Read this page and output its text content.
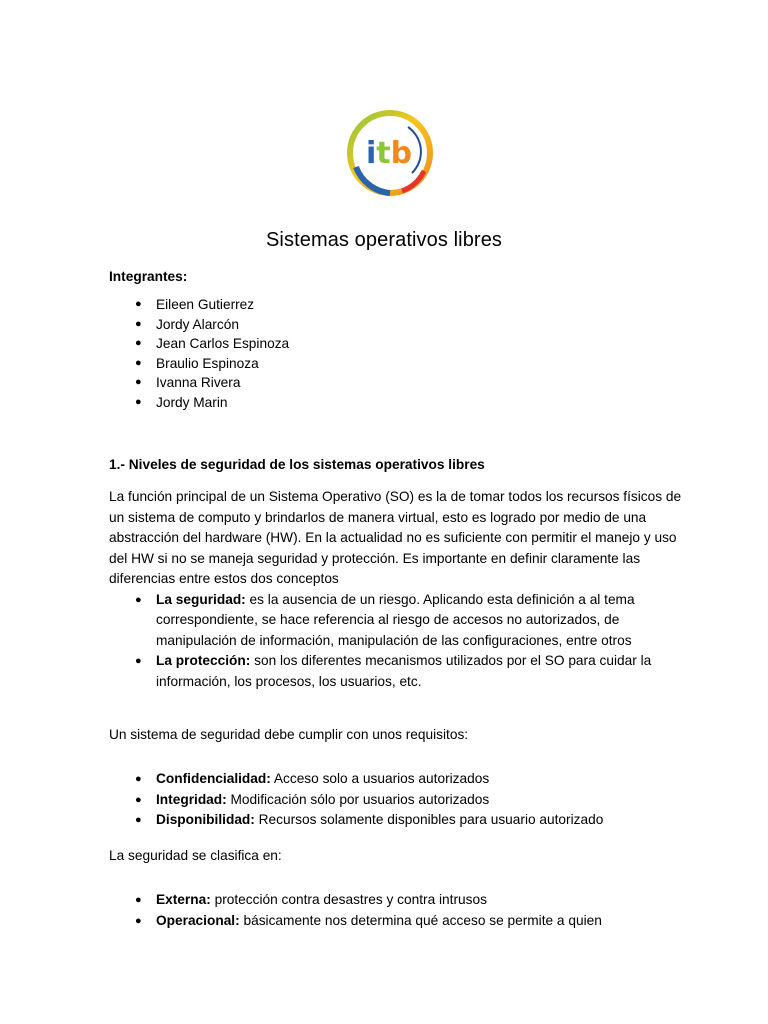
itb
Sistemas operativos libres
Integrantes:
● Eileen Gutierrez
● Jordy Alarcón
● Jean Carlos Espinoza
● Braulio Espinoza
● Ivanna Rivera
● Jordy Marin
1.- Niveles de seguridad de los sistemas operativos libres

La función principal de un Sistema Operativo (SO) es la de tomar todos los recursos físicos de un sistema de computo y brindarlos de manera virtual, esto es logrado por medio de una abstracción del hardware (HW). En la actualidad no es suficiente con permitir el manejo y uso del HW si no se maneja seguridad y protección. Es importante en definir claramente las diferencias entre estos dos conceptos

● La seguridad: es la ausencia de un riesgo. Aplicando esta definición a al tema correspondiente, se hace referencia al riesgo de accesos no autorizados, de manipulación de información, manipulación de las configuraciones, entre otros
● La protección: son los diferentes mecanismos utilizados por el SO para cuidar la información, los procesos, los usuarios, etc.
Un sistema de seguridad debe cumplir con unos requisitos:
● Confidencialidad: Acceso solo a usuarios autorizados
● Integridad: Modificación sólo por usuarios autorizados
● Disponibilidad: Recursos solamente disponibles para usuario autorizado
La seguridad se clasifica en:
● Externa: protección contra desastres y contra intrusos
● Operacional: básicamente nos determina qué acceso se permite a quien
